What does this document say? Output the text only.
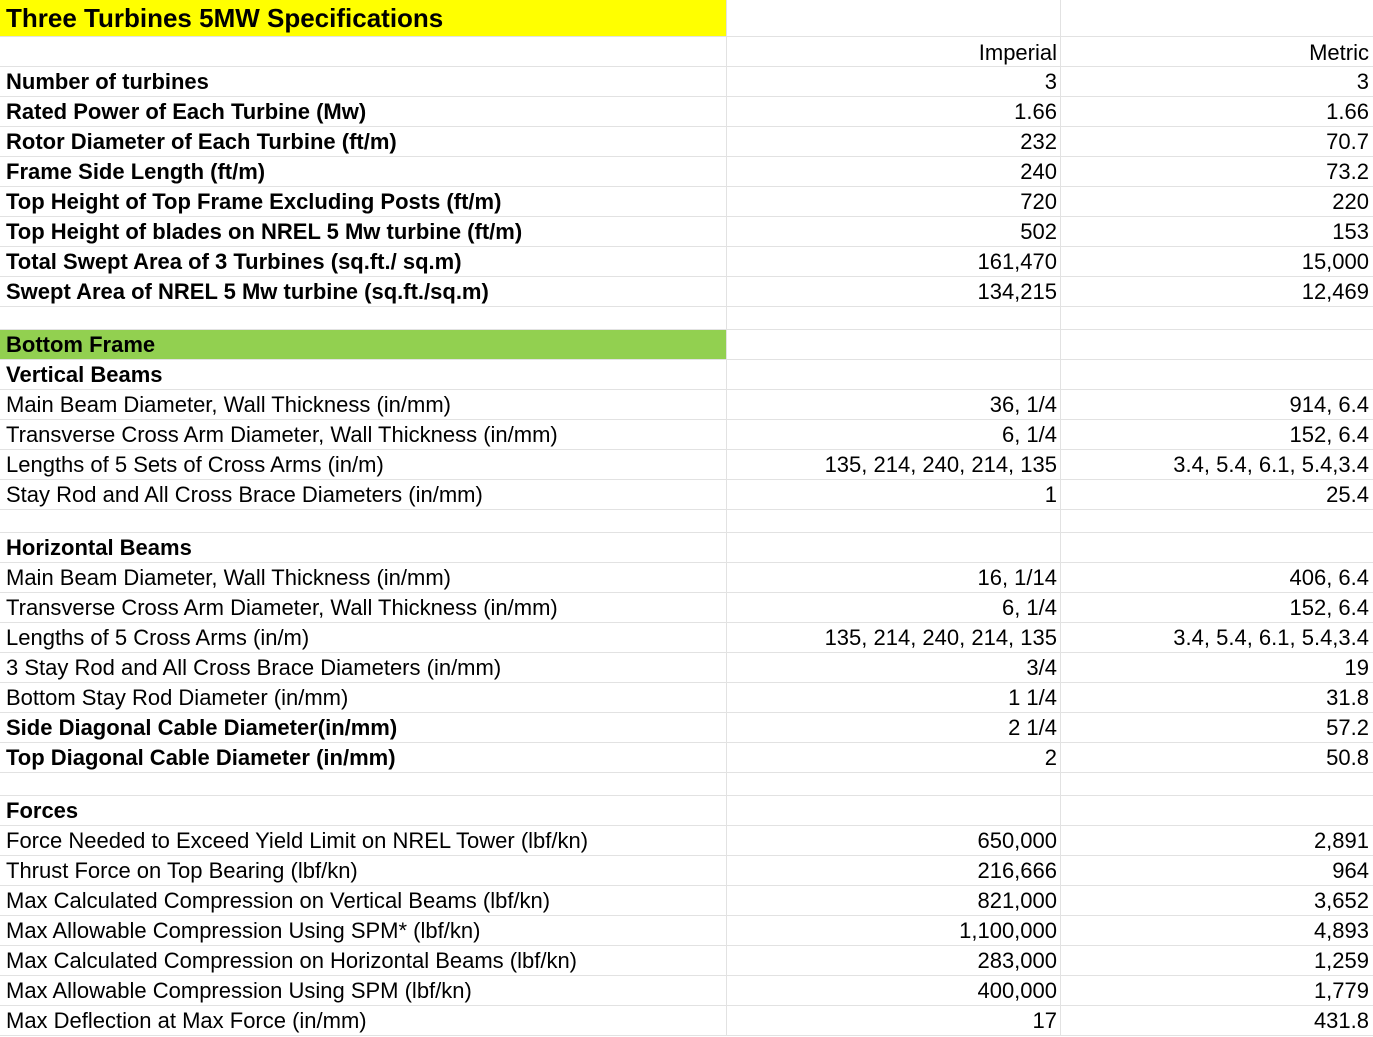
Three Turbines 5MW Specifications
Imperial	Metric
Number of turbines	3	3
Rated Power of Each Turbine (Mw)	1.66	1.66
Rotor Diameter of Each Turbine (ft/m)	232	70.7
Frame Side Length (ft/m)	240	73.2
Top Height of Top Frame Excluding Posts (ft/m)	720	220
Top Height of blades on NREL 5 Mw turbine (ft/m)	502	153
Total Swept Area of 3 Turbines (sq.ft./ sq.m)	161,470	15,000
Swept Area of NREL 5 Mw turbine (sq.ft./sq.m)	134,215	12,469
Bottom Frame
Vertical Beams
Main Beam Diameter, Wall Thickness (in/mm)	36, 1/4	914, 6.4
Transverse Cross Arm Diameter, Wall Thickness (in/mm)	6, 1/4	152, 6.4
Lengths of 5 Sets of Cross Arms (in/m)	135, 214, 240, 214, 135	3.4, 5.4, 6.1, 5.4,3.4
Stay Rod and All Cross Brace Diameters (in/mm)	1	25.4
Horizontal Beams
Main Beam Diameter, Wall Thickness (in/mm)	16, 1/14	406, 6.4
Transverse Cross Arm Diameter, Wall Thickness (in/mm)	6, 1/4	152, 6.4
Lengths of 5 Cross Arms (in/m)	135, 214, 240, 214, 135	3.4, 5.4, 6.1, 5.4,3.4
3 Stay Rod and All Cross Brace Diameters (in/mm)	3/4	19
Bottom Stay Rod Diameter (in/mm)	1 1/4	31.8
Side Diagonal Cable Diameter(in/mm)	2 1/4	57.2
Top Diagonal Cable Diameter (in/mm)	2	50.8
Forces
Force Needed to Exceed Yield Limit on NREL Tower (lbf/kn)	650,000	2,891
Thrust Force on Top Bearing (lbf/kn)	216,666	964
Max Calculated Compression on Vertical Beams (lbf/kn)	821,000	3,652
Max Allowable Compression Using SPM* (lbf/kn)	1,100,000	4,893
Max Calculated Compression on Horizontal Beams (lbf/kn)	283,000	1,259
Max Allowable Compression Using SPM (lbf/kn)	400,000	1,779
Max Deflection at Max Force (in/mm)	17	431.8
